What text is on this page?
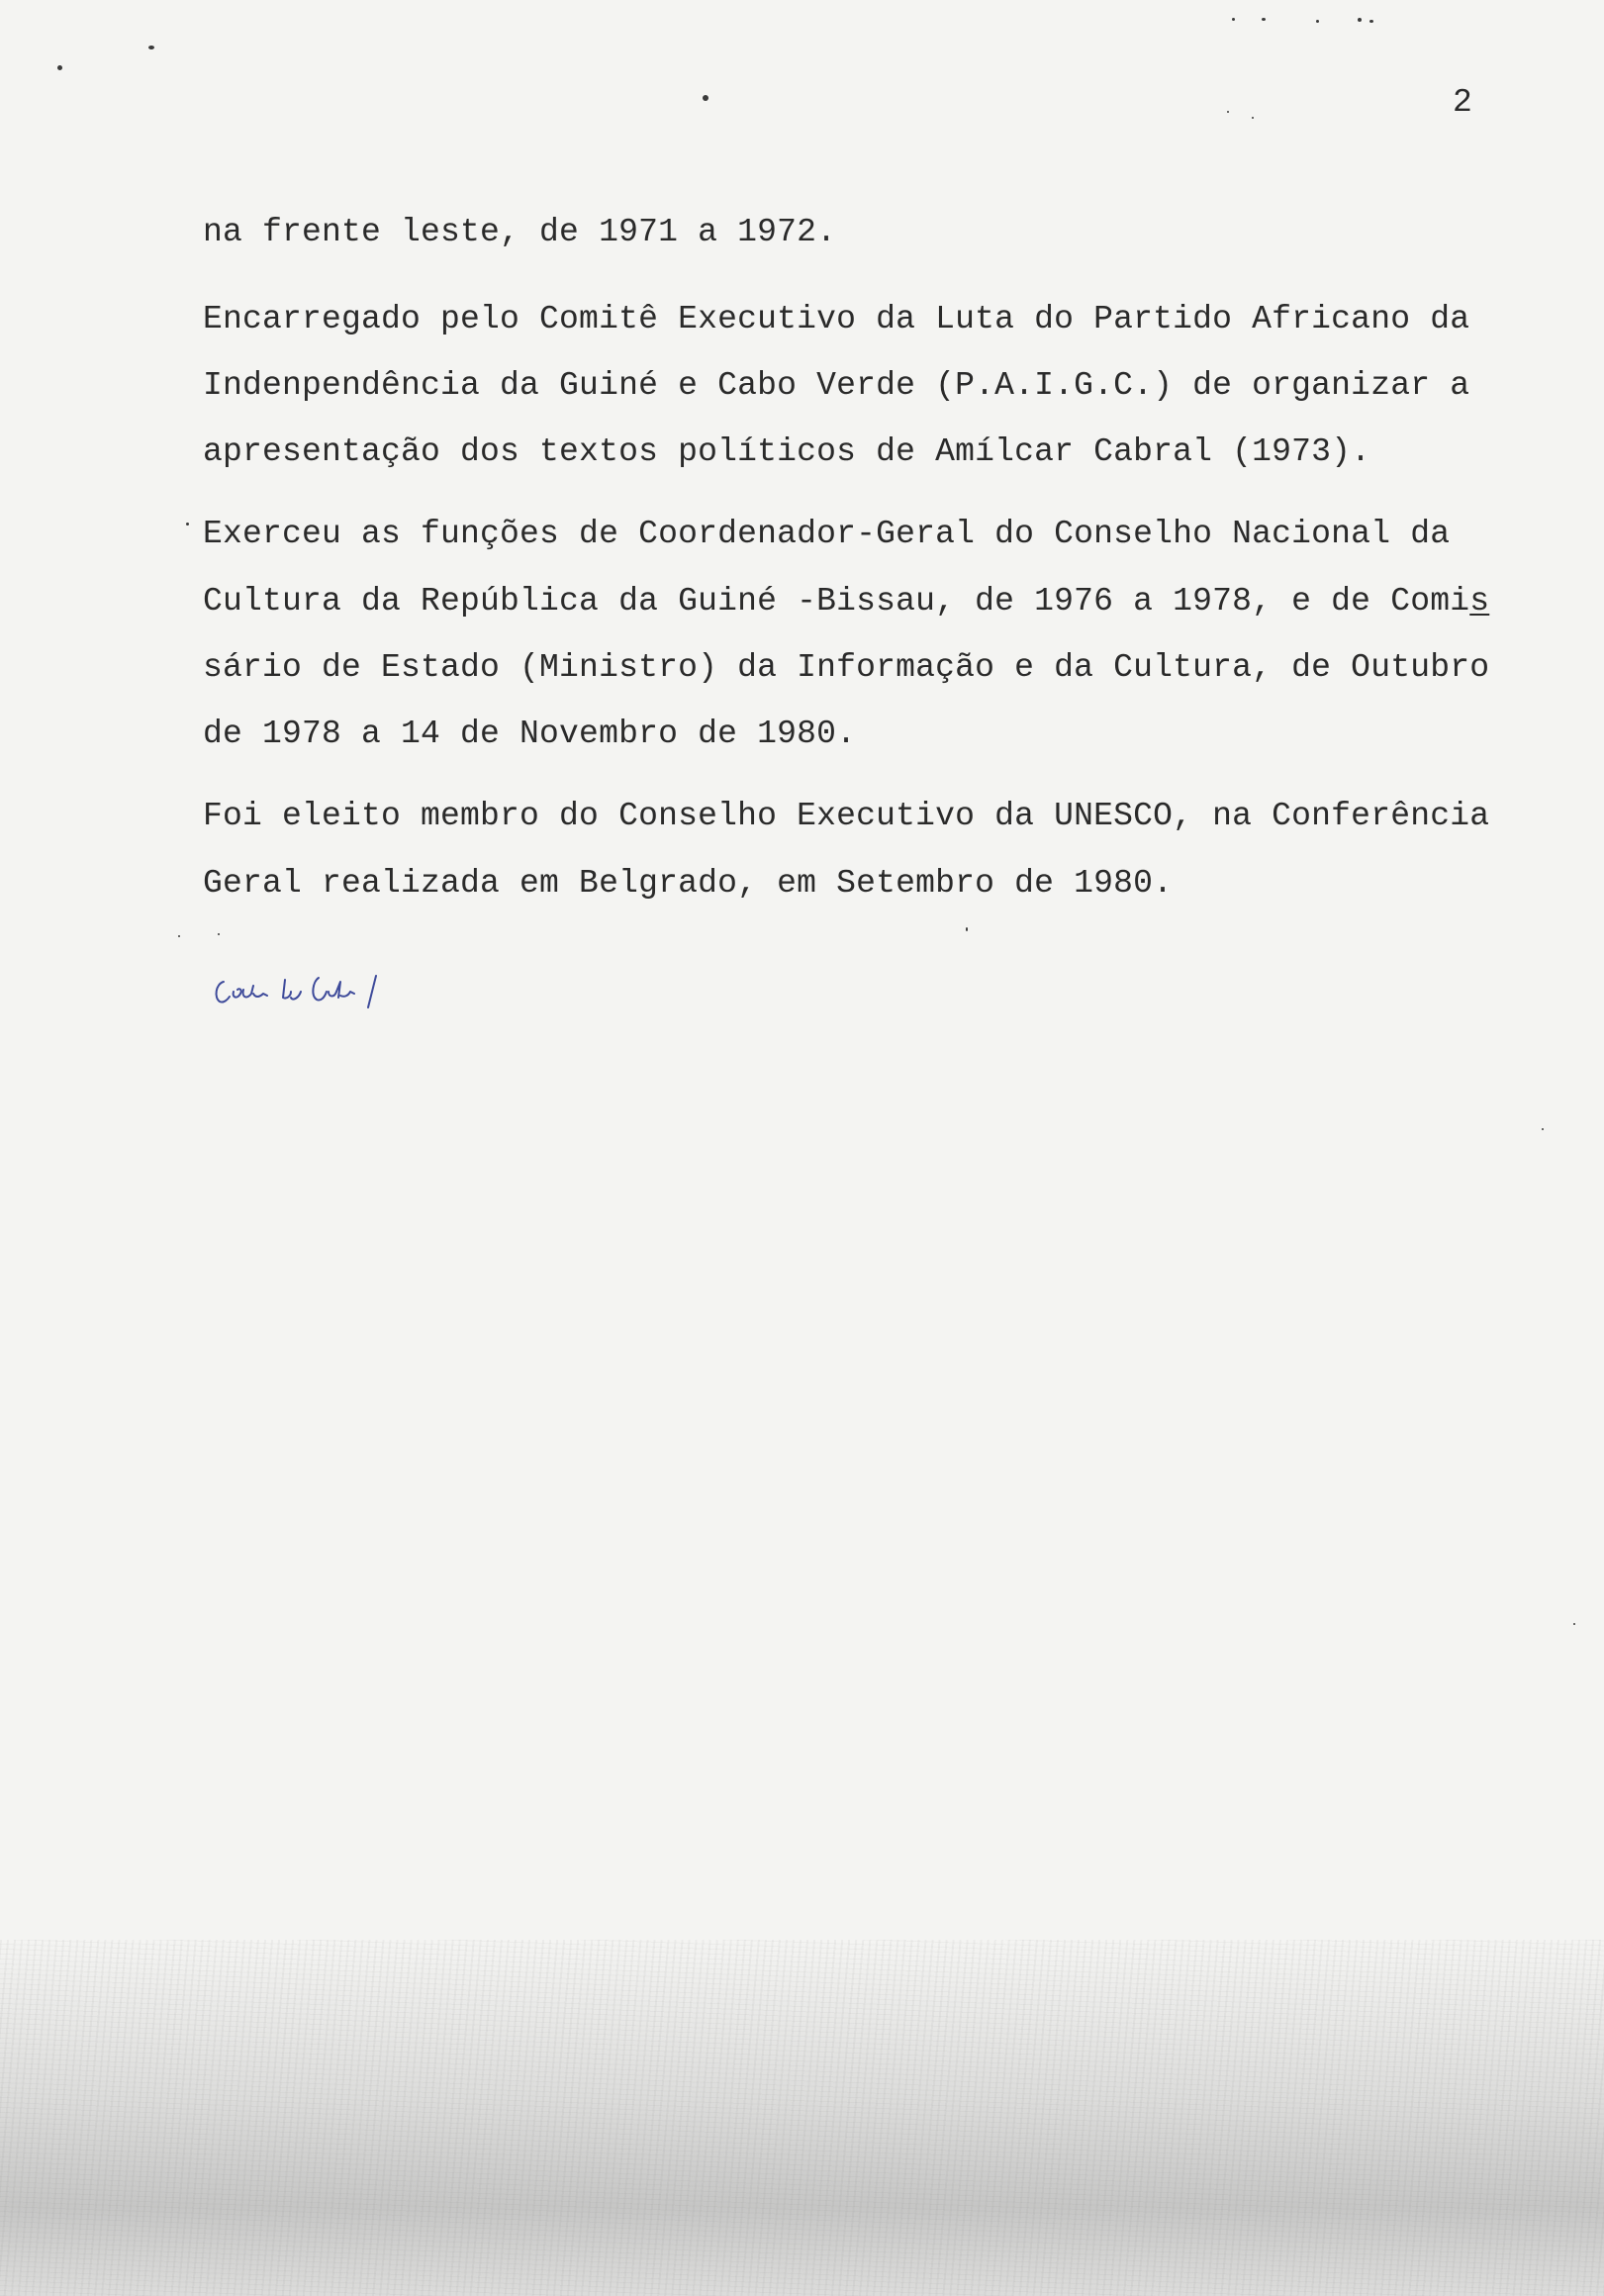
2
na frente leste, de 1971 a 1972.
Encarregado pelo Comitê Executivo da Luta do Partido Africano da
Indenpendência da Guiné e Cabo Verde (P.A.I.G.C.) de organizar a
apresentação dos textos políticos de Amílcar Cabral (1973).
Exerceu as funções de Coordenador-Geral do Conselho Nacional da
Cultura da República da Guiné -Bissau, de 1976 a 1978, e de Comis
sário de Estado (Ministro) da Informação e da Cultura, de Outubro
de 1978 a 14 de Novembro de 1980.
Foi eleito membro do Conselho Executivo da UNESCO, na Conferência
Geral realizada em Belgrado, em Setembro de 1980.
